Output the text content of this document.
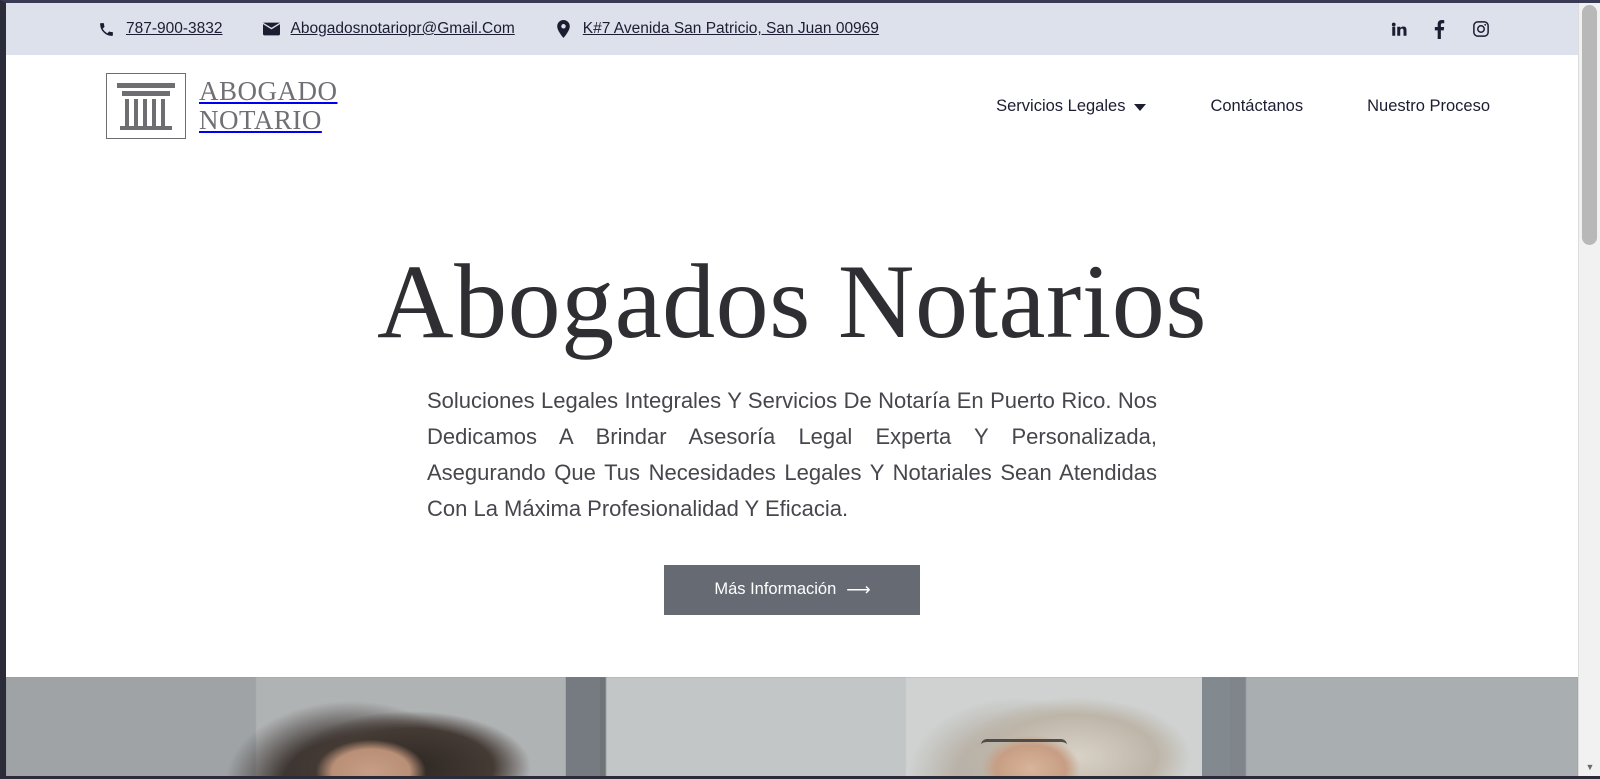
787-900-3832	Abogadosnotariopr@Gmail.Com	K#7 Avenida San Patricio, San Juan 00969
ABOGADO
NOTARIO	Servicios Legales	Contáctanos	Nuestro Proceso
Abogados Notarios

Soluciones Legales Integrales Y Servicios De Notaría En Puerto Rico. Nos Dedicamos A Brindar Asesoría Legal Experta Y Personalizada, Asegurando Que Tus Necesidades Legales Y Notariales Sean Atendidas Con La Máxima Profesionalidad Y Eficacia.

Más Información ⟶
▼
